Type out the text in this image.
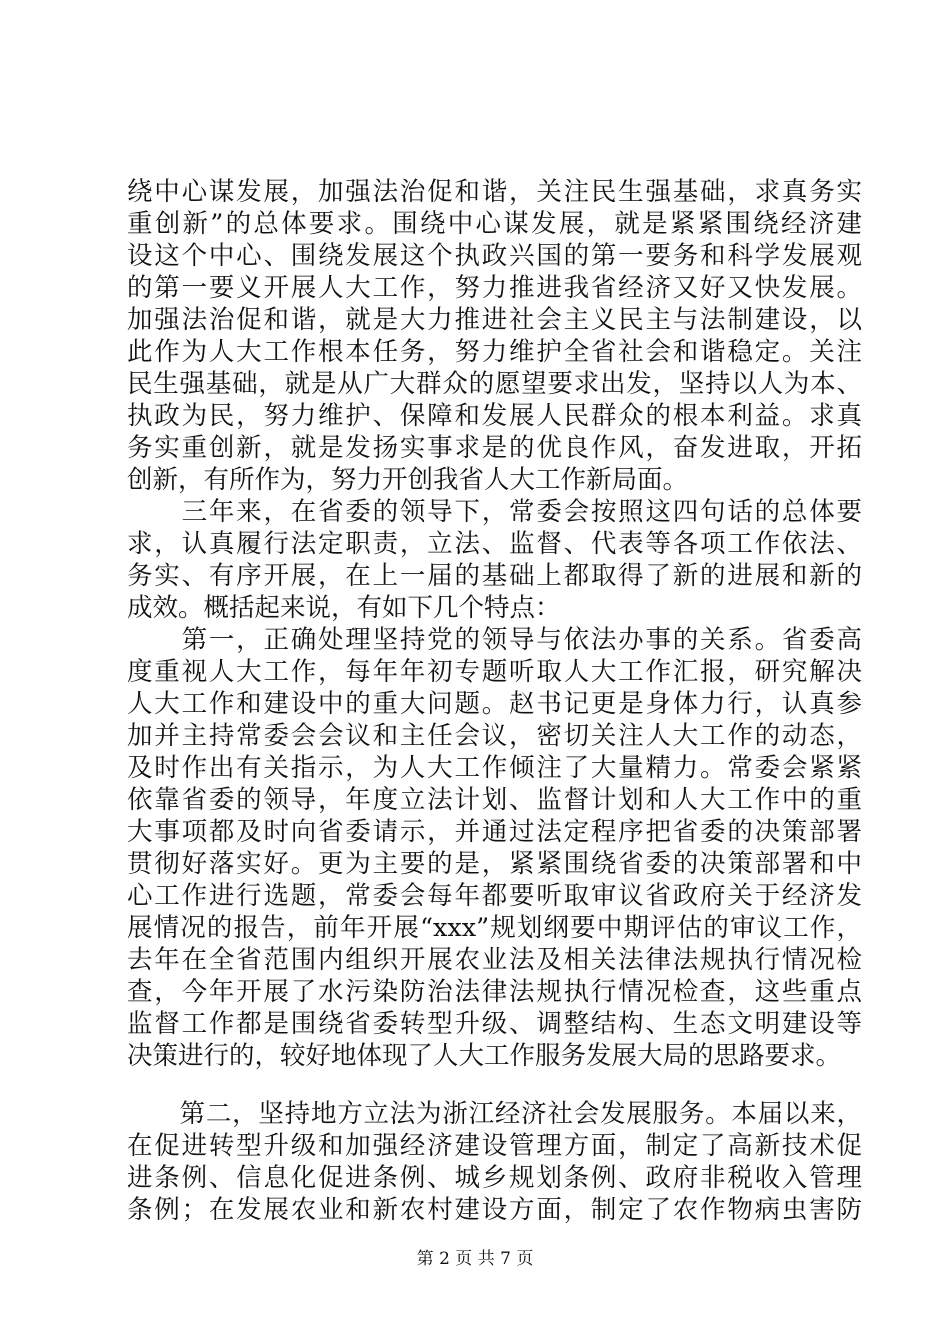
绕中心谋发展，加强法治促和谐，关注民生强基础，求真务实
重创新”的总体要求。围绕中心谋发展，就是紧紧围绕经济建
设这个中心、围绕发展这个执政兴国的第一要务和科学发展观
的第一要义开展人大工作，努力推进我省经济又好又快发展。
加强法治促和谐，就是大力推进社会主义民主与法制建设，以
此作为人大工作根本任务，努力维护全省社会和谐稳定。关注
民生强基础，就是从广大群众的愿望要求出发，坚持以人为本、
执政为民，努力维护、保障和发展人民群众的根本利益。求真
务实重创新，就是发扬实事求是的优良作风，奋发进取，开拓
创新，有所作为，努力开创我省人大工作新局面。
　　三年来，在省委的领导下，常委会按照这四句话的总体要
求，认真履行法定职责，立法、监督、代表等各项工作依法、
务实、有序开展，在上一届的基础上都取得了新的进展和新的
成效。概括起来说，有如下几个特点：
　　第一，正确处理坚持党的领导与依法办事的关系。省委高
度重视人大工作，每年年初专题听取人大工作汇报，研究解决
人大工作和建设中的重大问题。赵书记更是身体力行，认真参
加并主持常委会会议和主任会议，密切关注人大工作的动态，
及时作出有关指示，为人大工作倾注了大量精力。常委会紧紧
依靠省委的领导，年度立法计划、监督计划和人大工作中的重
大事项都及时向省委请示，并通过法定程序把省委的决策部署
贯彻好落实好。更为主要的是，紧紧围绕省委的决策部署和中
心工作进行选题，常委会每年都要听取审议省政府关于经济发
展情况的报告，前年开展“xxx”规划纲要中期评估的审议工作，
去年在全省范围内组织开展农业法及相关法律法规执行情况检
查，今年开展了水污染防治法律法规执行情况检查，这些重点
监督工作都是围绕省委转型升级、调整结构、生态文明建设等
决策进行的，较好地体现了人大工作服务发展大局的思路要求。
　　第二，坚持地方立法为浙江经济社会发展服务。本届以来，
在促进转型升级和加强经济建设管理方面，制定了高新技术促
进条例、信息化促进条例、城乡规划条例、政府非税收入管理
条例；在发展农业和新农村建设方面，制定了农作物病虫害防
第 2 页 共 7 页
